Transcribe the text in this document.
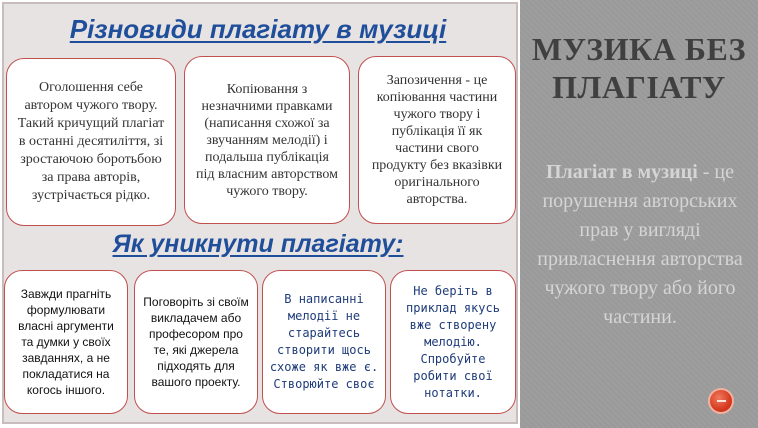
Різновиди плагіату в музиці
Оголошення себе автором чужого твору. Такий кричущий плагіат в останні десятиліття, зі зростаючою боротьбою за права авторів, зустрічається рідко.
Копіювання з незначними правками (написання схожої за звучанням мелодії) і подальша публікація під власним авторством чужого твору.
Запозичення - це копіювання частини чужого твору і публікація її як частини свого продукту без вказівки оригінального авторства.
Як уникнути плагіату:
Завжди прагніть формулювати власні аргументи та думки у своїх завданнях, а не покладатися на когось іншого.
Поговоріть зі своїм викладачем або професором про те, які джерела підходять для вашого проекту.
В написанні мелодії не старайтесь створити щось схоже як вже є. Створюйте своє
Не беріть в приклад якусь вже створену мелодію. Спробуйте робити свої нотатки.
МУЗИКА БЕЗ ПЛАГІАТУ
Плагіат в музиці - це порушення авторських прав у вигляді привласнення авторства чужого твору або його частини.
